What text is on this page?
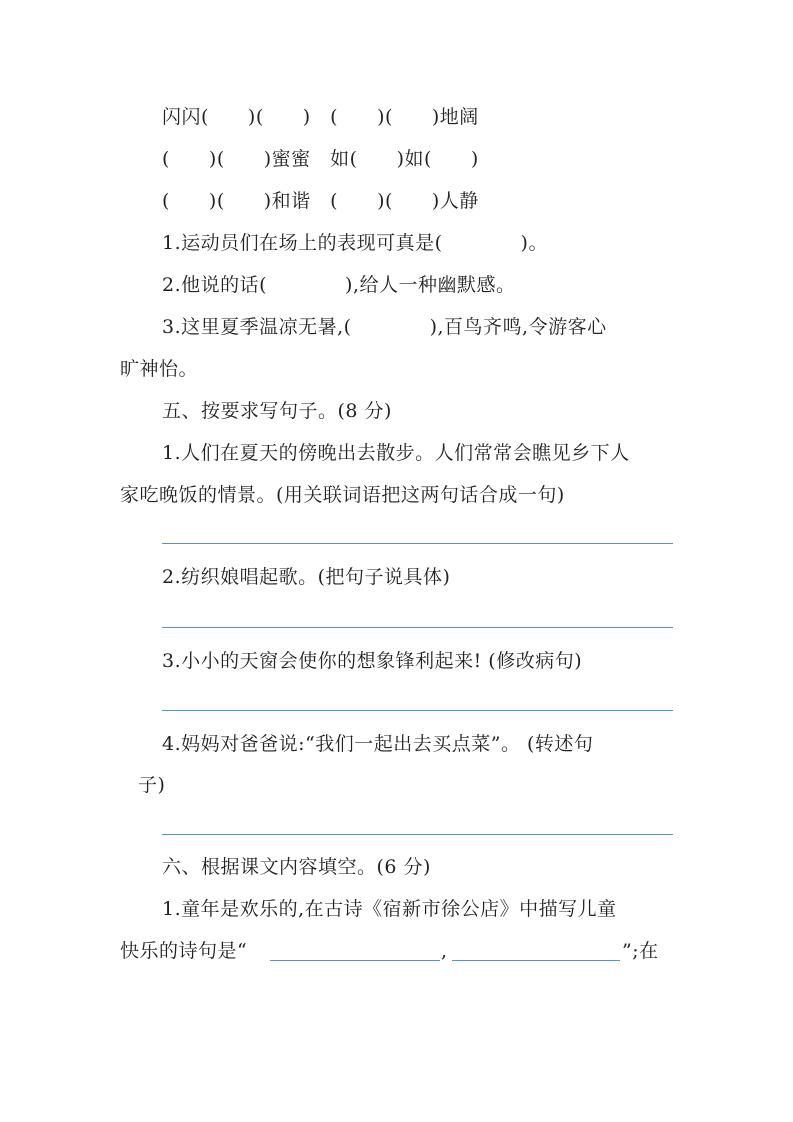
闪闪(　　)(　　)　(　　)(　　)地阔
(　　)(　　)蜜蜜　如(　　)如(　　)
(　　)(　　)和谐　(　　)(　　)人静
1.运动员们在场上的表现可真是(　　　　)。
2.他说的话(　　　　),给人一种幽默感。
3.这里夏季温凉无暑,(　　　　),百鸟齐鸣,令游客心
旷神怡。
五、按要求写句子。(8 分)
1.人们在夏天的傍晚出去散步。人们常常会瞧见乡下人
家吃晚饭的情景。(用关联词语把这两句话合成一句)
2.纺织娘唱起歌。(把句子说具体)
3.小小的天窗会使你的想象锋利起来! (修改病句)
4.妈妈对爸爸说:“我们一起出去买点菜”。 (转述句
子)
六、根据课文内容填空。(6 分)
1.童年是欢乐的,在古诗《宿新市徐公店》中描写儿童
快乐的诗句是“	,	”;在
